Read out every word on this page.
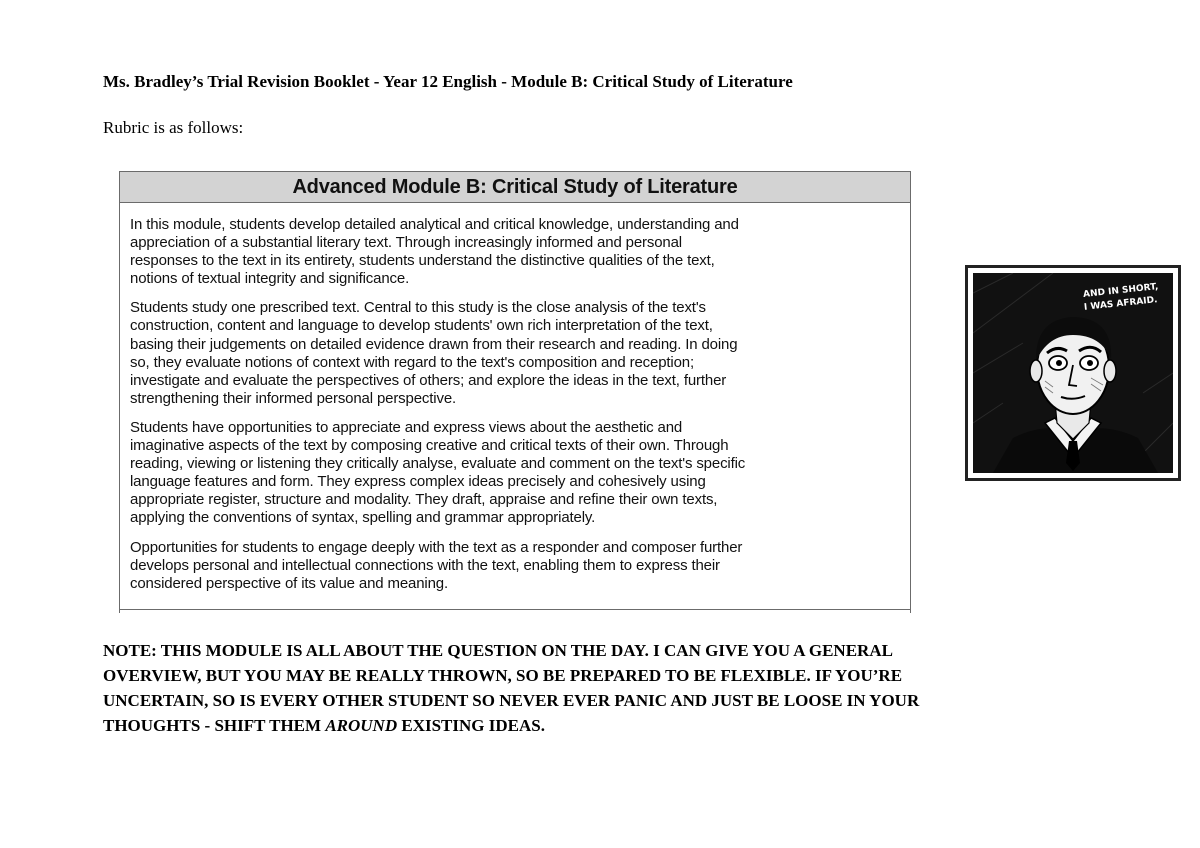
Ms. Bradley’s Trial Revision Booklet - Year 12 English - Module B: Critical Study of Literature
Rubric is as follows:
Advanced Module B: Critical Study of Literature

In this module, students develop detailed analytical and critical knowledge, understanding and
appreciation of a substantial literary text. Through increasingly informed and personal
responses to the text in its entirety, students understand the distinctive qualities of the text,
notions of textual integrity and significance.

Students study one prescribed text. Central to this study is the close analysis of the text's
construction, content and language to develop students' own rich interpretation of the text,
basing their judgements on detailed evidence drawn from their research and reading. In doing
so, they evaluate notions of context with regard to the text's composition and reception;
investigate and evaluate the perspectives of others; and explore the ideas in the text, further
strengthening their informed personal perspective.

Students have opportunities to appreciate and express views about the aesthetic and
imaginative aspects of the text by composing creative and critical texts of their own. Through
reading, viewing or listening they critically analyse, evaluate and comment on the text's specific
language features and form. They express complex ideas precisely and cohesively using
appropriate register, structure and modality. They draft, appraise and refine their own texts,
applying the conventions of syntax, spelling and grammar appropriately.

Opportunities for students to engage deeply with the text as a responder and composer further
develops personal and intellectual connections with the text, enabling them to express their
considered perspective of its value and meaning.

AND IN SHORT,
I WAS AFRAID.
NOTE: THIS MODULE IS ALL ABOUT THE QUESTION ON THE DAY. I CAN GIVE YOU A GENERAL
OVERVIEW, BUT YOU MAY BE REALLY THROWN, SO BE PREPARED TO BE FLEXIBLE. IF YOU’RE
UNCERTAIN, SO IS EVERY OTHER STUDENT SO NEVER EVER PANIC AND JUST BE LOOSE IN YOUR
THOUGHTS - SHIFT THEM AROUND EXISTING IDEAS.
